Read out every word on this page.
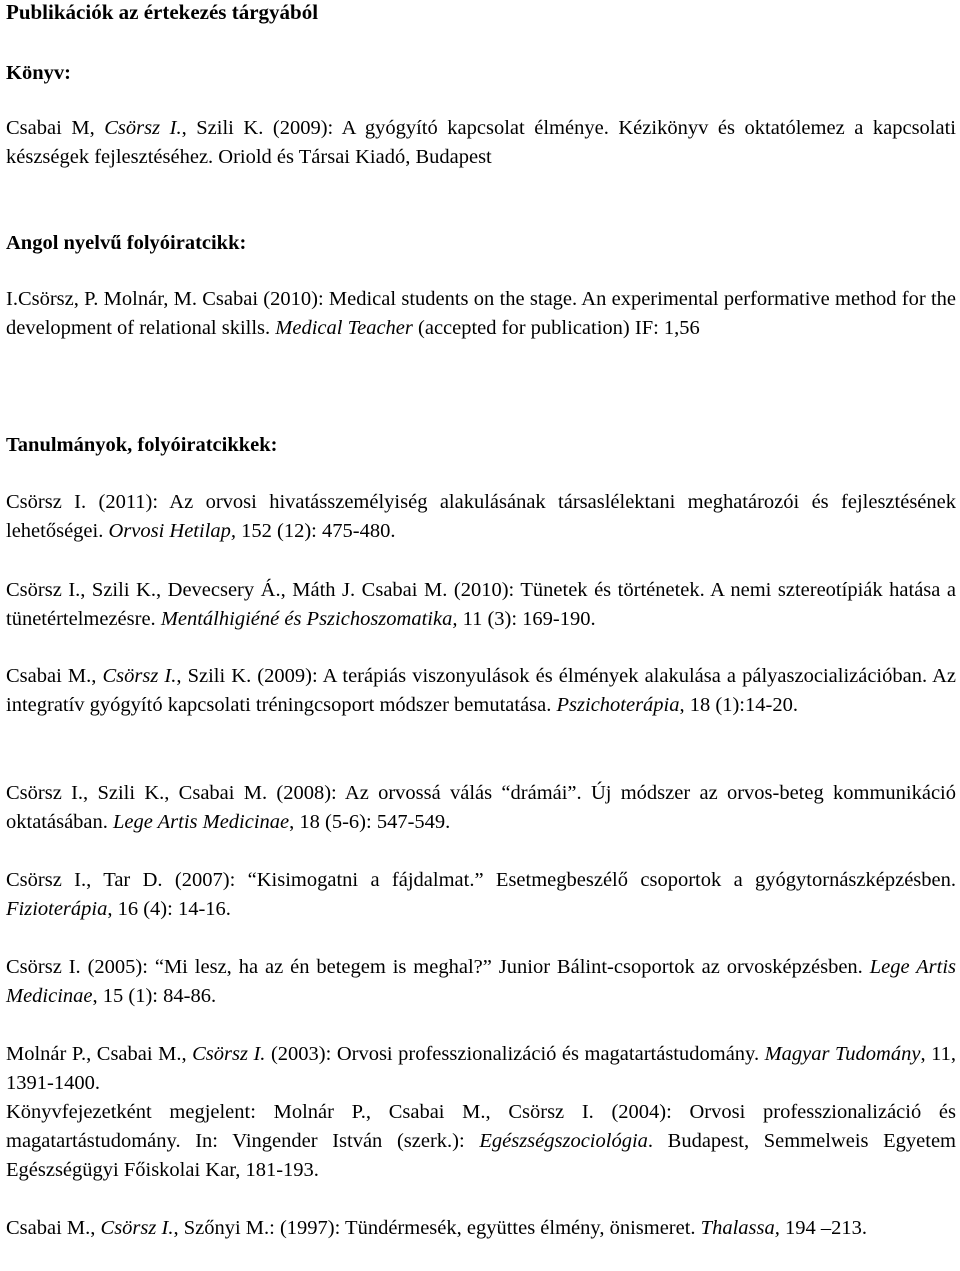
Publikációk az értekezés tárgyából
Könyv:
Csabai M, Csörsz I., Szili K. (2009): A gyógyító kapcsolat élménye. Kézikönyv és oktatólemez a kapcsolati készségek fejlesztéséhez. Oriold és Társai Kiadó, Budapest
Angol nyelvű folyóiratcikk:
I.Csörsz, P. Molnár, M. Csabai (2010): Medical students on the stage. An experimental performative method for the development of relational skills. Medical Teacher (accepted for publication) IF: 1,56
Tanulmányok, folyóiratcikkek:
Csörsz I. (2011): Az orvosi hivatásszemélyiség alakulásának társaslélektani meghatározói és fejlesztésének lehetőségei. Orvosi Hetilap, 152 (12): 475-480.
Csörsz I., Szili K., Devecsery Á., Máth J. Csabai M. (2010): Tünetek és történetek. A nemi sztereotípiák hatása a tünetértelmezésre. Mentálhigiéné és Pszichoszomatika, 11 (3): 169-190.
Csabai M., Csörsz I., Szili K. (2009): A terápiás viszonyulások és élmények alakulása a pályaszocializációban. Az integratív gyógyító kapcsolati tréningcsoport módszer bemutatása. Pszichoterápia, 18 (1):14-20.
Csörsz I., Szili K., Csabai M. (2008): Az orvossá válás “drámái”. Új módszer az orvos-beteg kommunikáció oktatásában. Lege Artis Medicinae, 18 (5-6): 547-549.
Csörsz I., Tar D. (2007): “Kisimogatni a fájdalmat.” Esetmegbeszélő csoportok a gyógytornászképzésben. Fizioterápia, 16 (4): 14-16.
Csörsz I. (2005): “Mi lesz, ha az én betegem is meghal?” Junior Bálint-csoportok az orvosképzésben. Lege Artis Medicinae, 15 (1): 84-86.
Molnár P., Csabai M., Csörsz I. (2003): Orvosi professzionalizáció és magatartástudomány. Magyar Tudomány, 11, 1391-1400.
Könyvfejezetként megjelent: Molnár P., Csabai M., Csörsz I. (2004): Orvosi professzionalizáció és magatartástudomány. In: Vingender István (szerk.): Egészségszociológia. Budapest, Semmelweis Egyetem Egészségügyi Főiskolai Kar, 181-193.
Csabai M., Csörsz I., Szőnyi M.: (1997): Tündérmesék, együttes élmény, önismeret. Thalassa, 194 –213.
